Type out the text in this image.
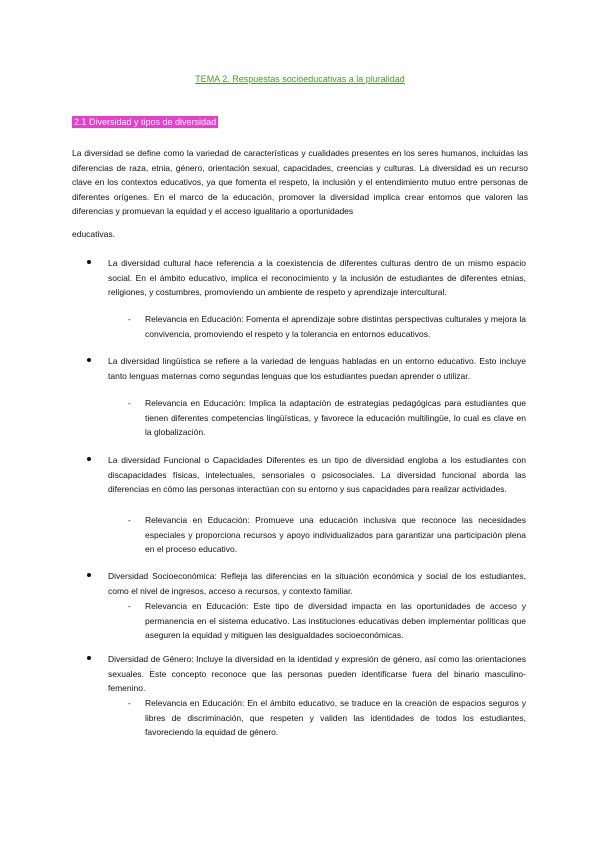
TEMA 2. Respuestas socioeducativas a la pluralidad
2.1 Diversidad y tipos de diversidad

La diversidad se define como la variedad de características y cualidades presentes en los seres humanos, incluidas las diferencias de raza, etnia, género, orientación sexual, capacidades, creencias y culturas. La diversidad es un recurso clave en los contextos educativos, ya que fomenta el respeto, la inclusión y el entendimiento mutuo entre personas de diferentes orígenes. En el marco de la educación, promover la diversidad implica crear entornos que valoren las diferencias y promuevan la equidad y el acceso igualitario a oportunidades

educativas.

La diversidad cultural hace referencia a la coexistencia de diferentes culturas dentro de un mismo espacio social. En el ámbito educativo, implica el reconocimiento y la inclusión de estudiantes de diferentes etnias, religiones, y costumbres, promoviendo un ambiente de respeto y aprendizaje intercultural.

- Relevancia en Educación: Fomenta el aprendizaje sobre distintas perspectivas culturales y mejora la convivencia, promoviendo el respeto y la tolerancia en entornos educativos.

La diversidad lingüística se refiere a la variedad de lenguas habladas en un entorno educativo. Esto incluye tanto lenguas maternas como segundas lenguas que los estudiantes puedan aprender o utilizar.

- Relevancia en Educación: Implica la adaptación de estrategias pedagógicas para estudiantes que tienen diferentes competencias lingüísticas, y favorece la educación multilingüe, lo cual es clave en la globalización.

La diversidad Funcional o Capacidades Diferentes es un tipo de diversidad engloba a los estudiantes con discapacidades físicas, intelectuales, sensoriales o psicosociales. La diversidad funcional aborda las diferencias en cómo las personas interactúan con su entorno y sus capacidades para realizar actividades.

- Relevancia en Educación: Promueve una educación inclusiva que reconoce las necesidades especiales y proporciona recursos y apoyo individualizados para garantizar una participación plena en el proceso educativo.

Diversidad Socioeconómica: Refleja las diferencias en la situación económica y social de los estudiantes, como el nivel de ingresos, acceso a recursos, y contexto familiar.

- Relevancia en Educación: Este tipo de diversidad impacta en las oportunidades de acceso y permanencia en el sistema educativo. Las instituciones educativas deben implementar políticas que aseguren la equidad y mitiguen las desigualdades socioeconómicas.

Diversidad de Género: Incluye la diversidad en la identidad y expresión de género, así como las orientaciones sexuales. Este concepto reconoce que las personas pueden identificarse fuera del binario masculino-femenino.

- Relevancia en Educación: En el ámbito educativo, se traduce en la creación de espacios seguros y libres de discriminación, que respeten y validen las identidades de todos los estudiantes, favoreciendo la equidad de género.
